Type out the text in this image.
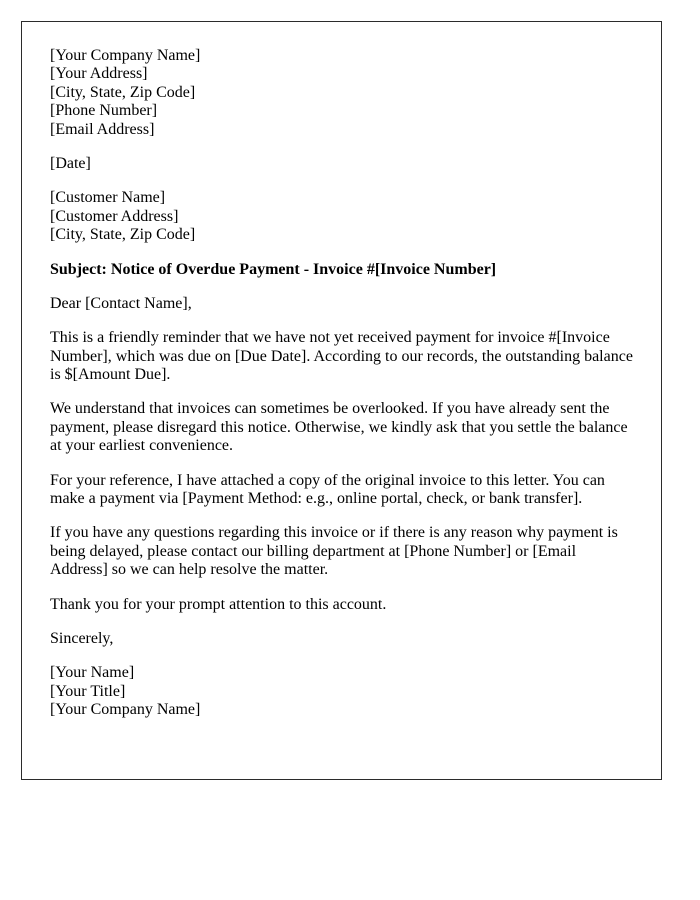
[Your Company Name]
[Your Address]
[City, State, Zip Code]
[Phone Number]
[Email Address]
[Date]
[Customer Name]
[Customer Address]
[City, State, Zip Code]
Subject: Notice of Overdue Payment - Invoice #[Invoice Number]
Dear [Contact Name],
This is a friendly reminder that we have not yet received payment for invoice #[Invoice Number], which was due on [Due Date]. According to our records, the outstanding balance is $[Amount Due].
We understand that invoices can sometimes be overlooked. If you have already sent the payment, please disregard this notice. Otherwise, we kindly ask that you settle the balance at your earliest convenience.
For your reference, I have attached a copy of the original invoice to this letter. You can make a payment via [Payment Method: e.g., online portal, check, or bank transfer].
If you have any questions regarding this invoice or if there is any reason why payment is being delayed, please contact our billing department at [Phone Number] or [Email Address] so we can help resolve the matter.
Thank you for your prompt attention to this account.
Sincerely,
[Your Name]
[Your Title]
[Your Company Name]
